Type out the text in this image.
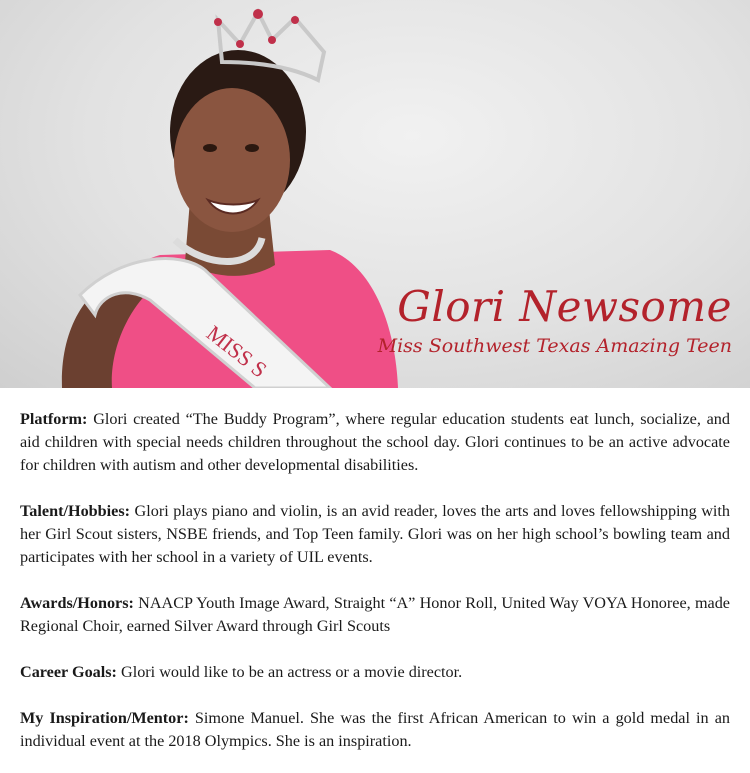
MISS S
Glori Newsome
Miss Southwest Texas Amazing Teen

Platform: Glori created “The Buddy Program”, where regular education students eat lunch, socialize, and aid children with special needs children throughout the school day. Glori continues to be an active advocate for children with autism and other developmental disabilities.

Talent/Hobbies: Glori plays piano and violin, is an avid reader, loves the arts and loves fellowshipping with her Girl Scout sisters, NSBE friends, and Top Teen family. Glori was on her high school’s bowling team and participates with her school in a variety of UIL events.

Awards/Honors: NAACP Youth Image Award, Straight “A” Honor Roll, United Way VOYA Honoree, made Regional Choir, earned Silver Award through Girl Scouts

Career Goals: Glori would like to be an actress or a movie director.

My Inspiration/Mentor: Simone Manuel. She was the first African American to win a gold medal in an individual event at the 2018 Olympics. She is an inspiration.
